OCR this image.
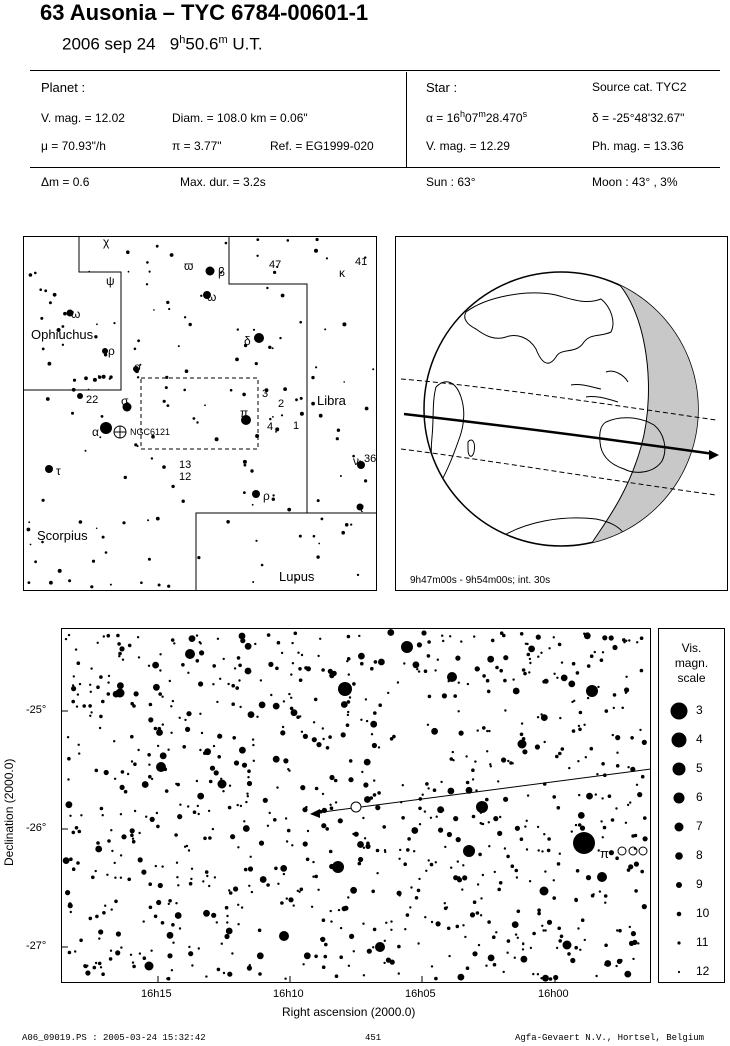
63 Ausonia – TYC 6784-00601-1
2006 sep 24 9$^h$50.6$^m$ U.T.
Planet :
V. mag. = 12.02	Diam. = 108.0 km = 0.06"
μ = 70.93"/h	π = 3.77"	Ref. = EG1999-020
Star :	Source cat. TYC2
$\alpha = 16^h07^m28.470^s$	δ = -25°48'32.67"
V. mag. = 12.29	Ph. mag. = 13.36
Δm = 0.6	Max. dur. = 3.2s	Sun : 63°	Moon : 43° , 3%
NGC6121
Ophiuchus
Libra
Scorpius
Lupus
47	41
22	3
2
4 1
13
12
36
χ
ψ
ϖ β
ω
κ
ω
ρ
o
δ
σ
π
α
τ
ν
ρ
τ
9h47m00s - 9h54m00s; int. 30s
π
-25°
-26°
-27°
16h15	16h10	16h05	16h00
Right ascension (2000.0)
Declination (2000.0)
Vis.
magn.
scale
3
4
5
6
7
8
9
10
11
12
A06_09019.PS : 2005-03-24 15:32:42	451	Agfa-Gevaert N.V., Hortsel, Belgium
